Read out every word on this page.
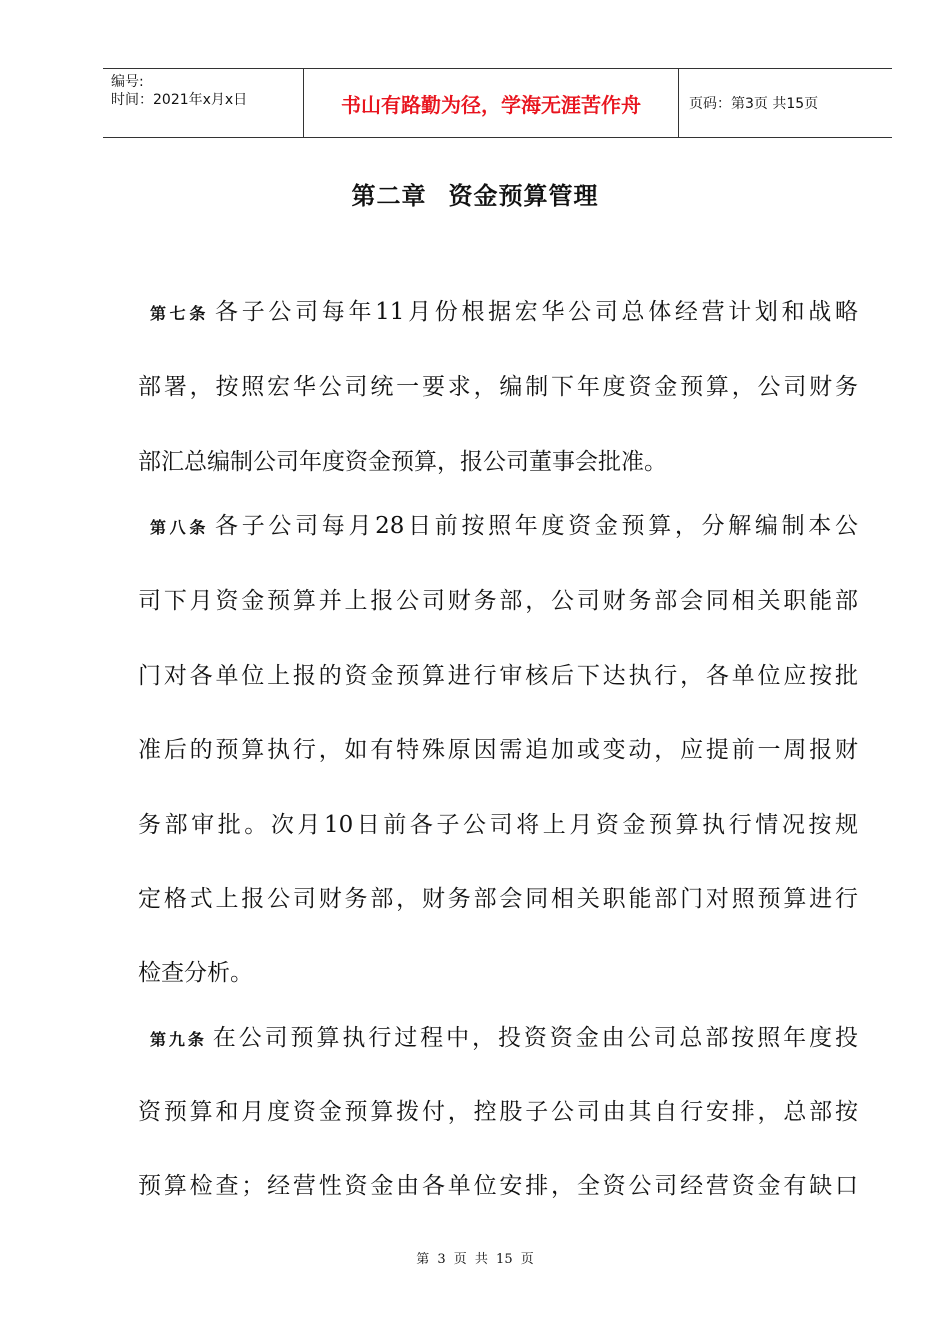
编号:
时间：2021年x月x日	书山有路勤为径，学海无涯苦作舟	页码：第3页 共15页
第二章 资金预算管理
第七条 各子公司每年11月份根据宏华公司总体经营计划和战略
部署，按照宏华公司统一要求，编制下年度资金预算，公司财务
部汇总编制公司年度资金预算，报公司董事会批准。
第八条 各子公司每月28日前按照年度资金预算，分解编制本公
司下月资金预算并上报公司财务部，公司财务部会同相关职能部
门对各单位上报的资金预算进行审核后下达执行，各单位应按批
准后的预算执行，如有特殊原因需追加或变动，应提前一周报财
务部审批。次月10日前各子公司将上月资金预算执行情况按规
定格式上报公司财务部，财务部会同相关职能部门对照预算进行
检查分析。
第九条 在公司预算执行过程中，投资资金由公司总部按照年度投
资预算和月度资金预算拨付，控股子公司由其自行安排，总部按
预算检查；经营性资金由各单位安排，全资公司经营资金有缺口
第 3 页 共 15 页
